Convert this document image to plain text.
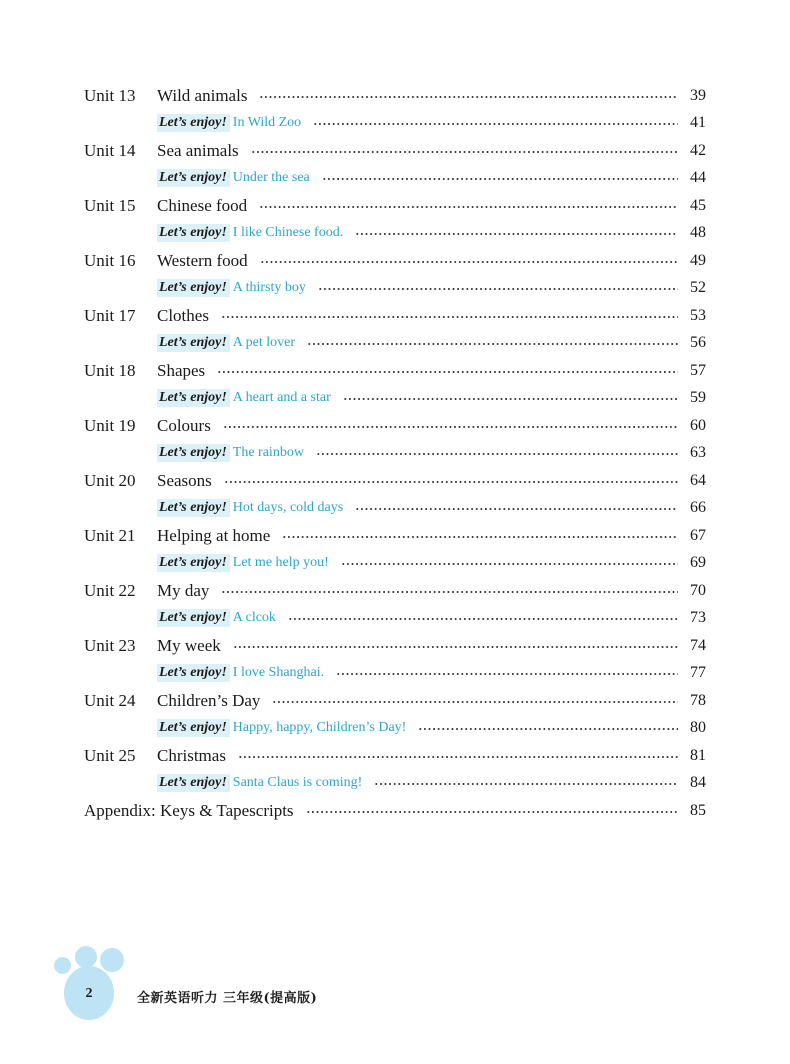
Unit 13	Wild animals	39
Let’s enjoy! In Wild Zoo	41
Unit 14	Sea animals	42
Let’s enjoy! Under the sea	44
Unit 15	Chinese food	45
Let’s enjoy! I like Chinese food.	48
Unit 16	Western food	49
Let’s enjoy! A thirsty boy	52
Unit 17	Clothes	53
Let’s enjoy! A pet lover	56
Unit 18	Shapes	57
Let’s enjoy! A heart and a star	59
Unit 19	Colours	60
Let’s enjoy! The rainbow	63
Unit 20	Seasons	64
Let’s enjoy! Hot days, cold days	66
Unit 21	Helping at home	67
Let’s enjoy! Let me help you!	69
Unit 22	My day	70
Let’s enjoy! A clcok	73
Unit 23	My week	74
Let’s enjoy! I love Shanghai.	77
Unit 24	Children’s Day	78
Let’s enjoy! Happy, happy, Children’s Day!	80
Unit 25	Christmas	81
Let’s enjoy! Santa Claus is coming!	84
Appendix: Keys & Tapescripts	85
2	全新英语听力 三年级(提高版)
